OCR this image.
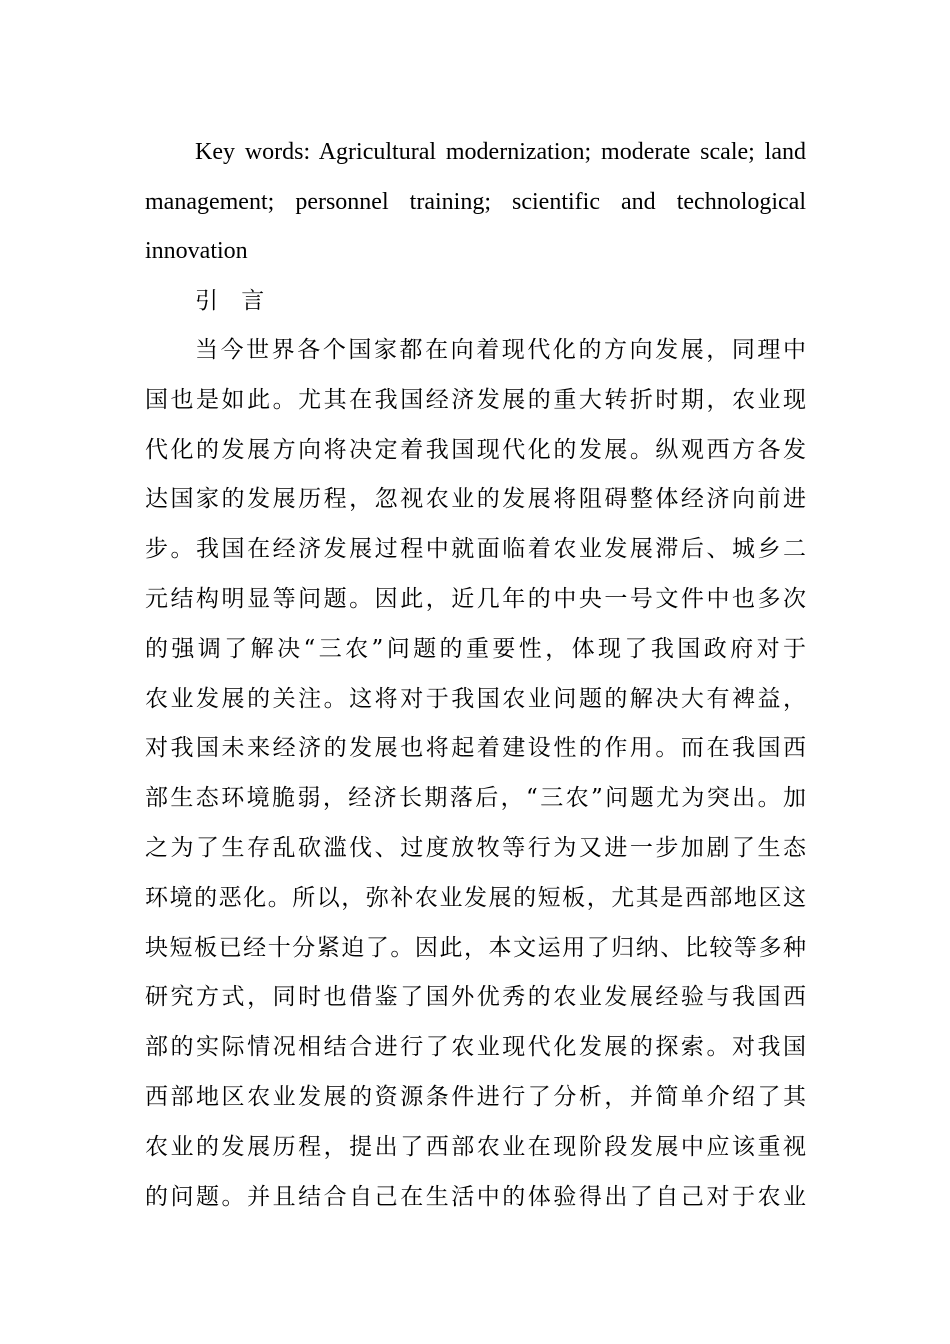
Key words: Agricultural modernization; moderate scale; land management; personnel training; scientific and technological innovation

引 言

当今世界各个国家都在向着现代化的方向发展，同理中
国也是如此。尤其在我国经济发展的重大转折时期，农业现
代化的发展方向将决定着我国现代化的发展。纵观西方各发
达国家的发展历程，忽视农业的发展将阻碍整体经济向前进
步。我国在经济发展过程中就面临着农业发展滞后、城乡二
元结构明显等问题。因此，近几年的中央一号文件中也多次
的强调了解决“三农”问题的重要性，体现了我国政府对于
农业发展的关注。这将对于我国农业问题的解决大有裨益，
对我国未来经济的发展也将起着建设性的作用。而在我国西
部生态环境脆弱，经济长期落后，“三农”问题尤为突出。加
之为了生存乱砍滥伐、过度放牧等行为又进一步加剧了生态
环境的恶化。所以，弥补农业发展的短板，尤其是西部地区这
块短板已经十分紧迫了。因此，本文运用了归纳、比较等多种
研究方式，同时也借鉴了国外优秀的农业发展经验与我国西
部的实际情况相结合进行了农业现代化发展的探索。对我国
西部地区农业发展的资源条件进行了分析，并简单介绍了其
农业的发展历程，提出了西部农业在现阶段发展中应该重视
的问题。并且结合自己在生活中的体验得出了自己对于农业
